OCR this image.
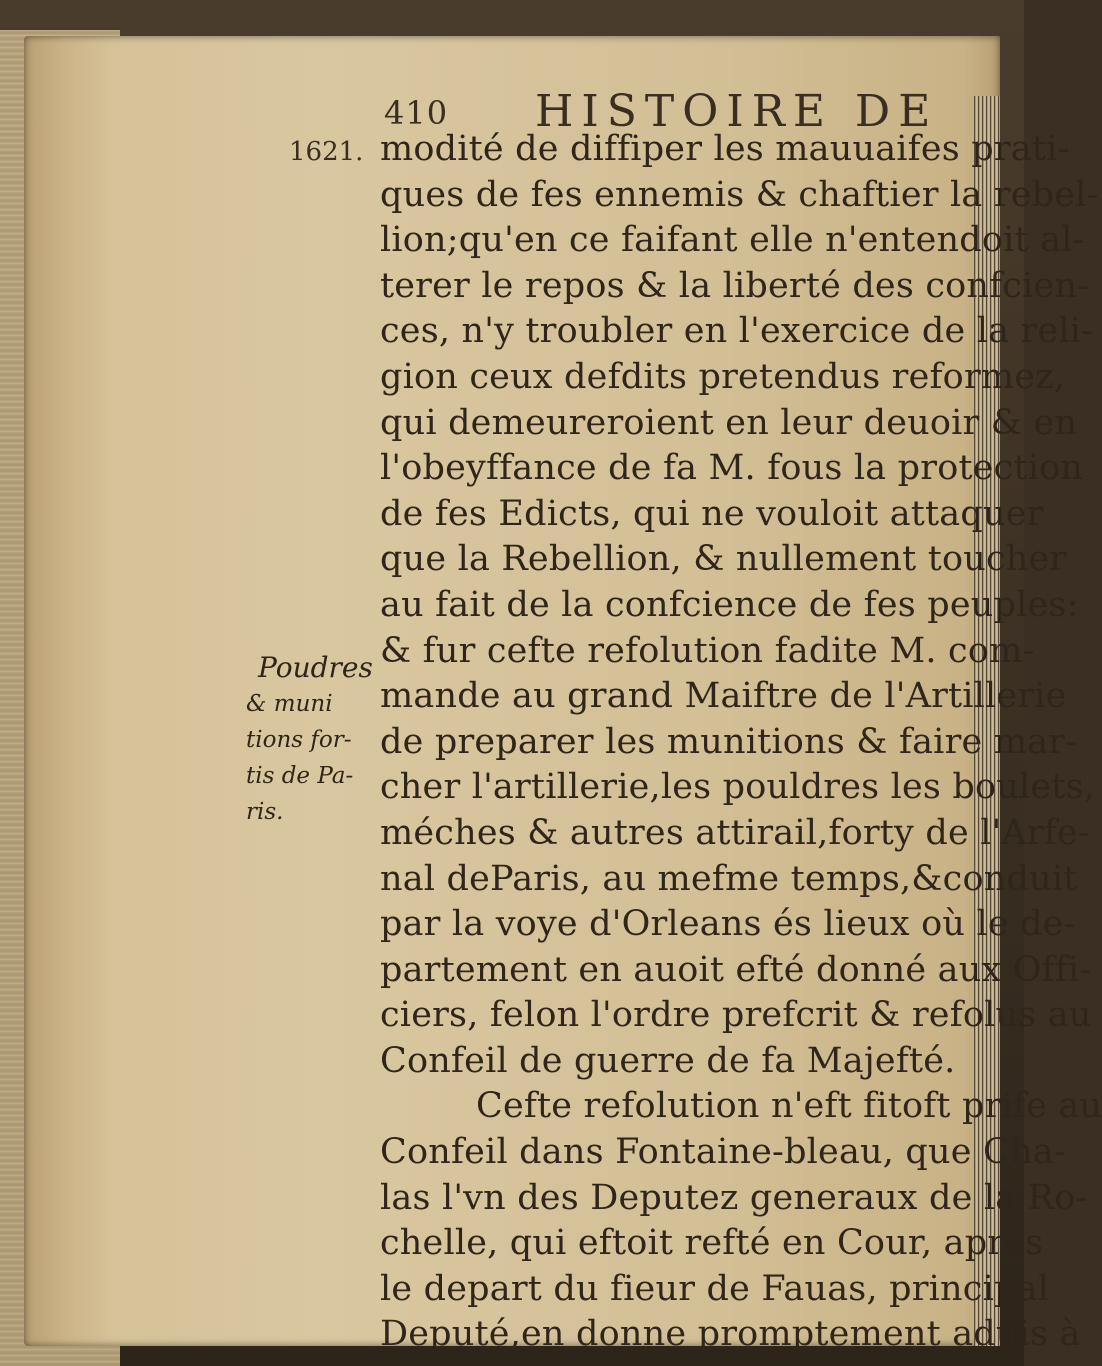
410 HISTOIRE DE
1621. modité de diffiper les mauuaifes prati-
ques de fes ennemis & chaftier la rebel-
lion;qu'en ce faifant elle n'entendoit al-
terer le repos & la liberté des confcien-
ces, n'y troubler en l'exercice de la reli-
gion ceux defdits pretendus reformez,
qui demeureroient en leur deuoir & en
l'obeyffance de fa M. fous la protection
de fes Edicts, qui ne vouloit attaquer
que la Rebellion, & nullement toucher
au fait de la confcience de fes peuples:
& fur cefte refolution fadite M. com-
mande au grand Maiftre de l'Artillerie
de preparer les munitions & faire mar-
cher l'artillerie,les pouldres les boulets,
méches & autres attirail,forty de l'Arfe-
nal deParis, au mefme temps,&conduit
par la voye d'Orleans és lieux où le de-
partement en auoit efté donné aux Offi-
ciers, felon l'ordre prefcrit & refolus au
Confeil de guerre de fa Majefté.
Cefte refolution n'eft fitoft prife au
Confeil dans Fontaine-bleau, que Cha-
las l'vn des Deputez generaux de la Ro-
chelle, qui eftoit refté en Cour, apres
le depart du fieur de Fauas, principal
Deputé,en donne promptement aduis à
Poudres
& muni
tions for-
tis de Pa-
ris.
